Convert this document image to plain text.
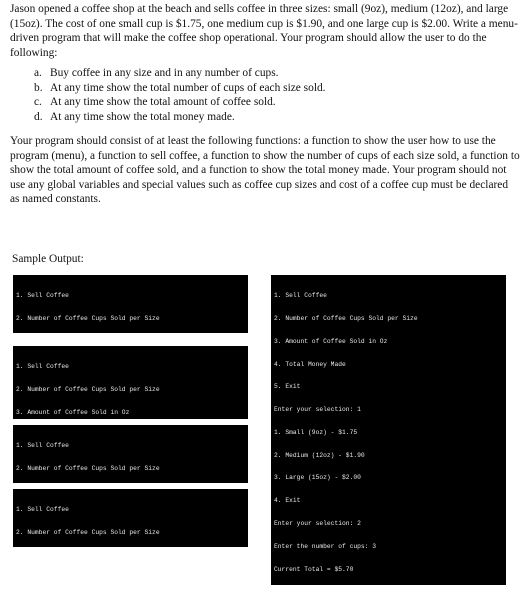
Jason opened a coffee shop at the beach and sells coffee in three sizes: small (9oz), medium (12oz), and large (15oz). The cost of one small cup is $1.75, one medium cup is $1.90, and one large cup is $2.00. Write a menu-driven program that will make the coffee shop operational. Your program should allow the user to do the following:

a. Buy coffee in any size and in any number of cups.
b. At any time show the total number of cups of each size sold.
c. At any time show the total amount of coffee sold.
d. At any time show the total money made.

Your program should consist of at least the following functions: a function to show the user how to use the program (menu), a function to sell coffee, a function to show the number of cups of each size sold, a function to show the total amount of coffee sold, and a function to show the total money made. Your program should not use any global variables and special values such as coffee cup sizes and cost of a coffee cup must be declared as named constants.

Sample Output:

1. Sell Coffee

2. Number of Coffee Cups Sold per Size

1. Sell Coffee

2. Number of Coffee Cups Sold per Size

3. Amount of Coffee Sold in Oz

1. Sell Coffee

2. Number of Coffee Cups Sold per Size

1. Sell Coffee

2. Number of Coffee Cups Sold per Size

1. Sell Coffee

2. Number of Coffee Cups Sold per Size

3. Amount of Coffee Sold in Oz

4. Total Money Made

5. Exit

Enter your selection: 1

1. Small (9oz) - $1.75

2. Medium (12oz) - $1.90

3. Large (15oz) - $2.00

4. Exit

Enter your selection: 2

Enter the number of cups: 3

Current Total = $5.70
